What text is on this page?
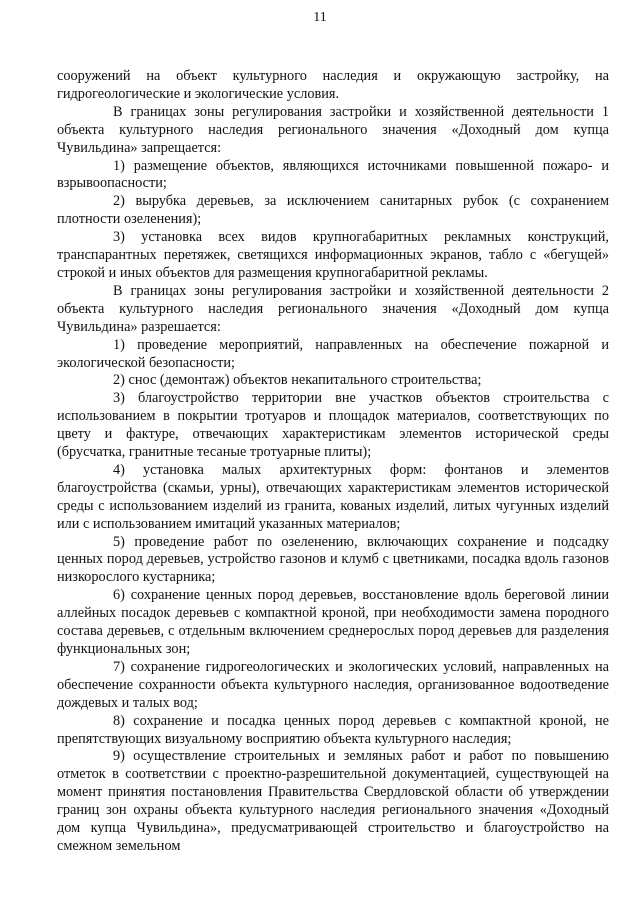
11

сооружений на объект культурного наследия и окружающую застройку, на гидрогеологические и экологические условия.

В границах зоны регулирования застройки и хозяйственной деятельности 1 объекта культурного наследия регионального значения «Доходный дом купца Чувильдина» запрещается:

1) размещение объектов, являющихся источниками повышенной пожаро- и взрывоопасности;

2) вырубка деревьев, за исключением санитарных рубок (с сохранением плотности озеленения);

3) установка всех видов крупногабаритных рекламных конструкций, транспарантных перетяжек, светящихся информационных экранов, табло с «бегущей» строкой и иных объектов для размещения крупногабаритной рекламы.

В границах зоны регулирования застройки и хозяйственной деятельности 2 объекта культурного наследия регионального значения «Доходный дом купца Чувильдина» разрешается:

1) проведение мероприятий, направленных на обеспечение пожарной и экологической безопасности;

2) снос (демонтаж) объектов некапитального строительства;

3) благоустройство территории вне участков объектов строительства с использованием в покрытии тротуаров и площадок материалов, соответствующих по цвету и фактуре, отвечающих характеристикам элементов исторической среды (брусчатка, гранитные тесаные тротуарные плиты);

4) установка малых архитектурных форм: фонтанов и элементов благоустройства (скамьи, урны), отвечающих характеристикам элементов исторической среды с использованием изделий из гранита, кованых изделий, литых чугунных изделий или с использованием имитаций указанных материалов;

5) проведение работ по озеленению, включающих сохранение и подсадку ценных пород деревьев, устройство газонов и клумб с цветниками, посадка вдоль газонов низкорослого кустарника;

6) сохранение ценных пород деревьев, восстановление вдоль береговой линии аллейных посадок деревьев с компактной кроной, при необходимости замена породного состава деревьев, с отдельным включением среднерослых пород деревьев для разделения функциональных зон;

7) сохранение гидрогеологических и экологических условий, направленных на обеспечение сохранности объекта культурного наследия, организованное водоотведение дождевых и талых вод;

8) сохранение и посадка ценных пород деревьев с компактной кроной, не препятствующих визуальному восприятию объекта культурного наследия;

9) осуществление строительных и земляных работ и работ по повышению отметок в соответствии с проектно-разрешительной документацией, существующей на момент принятия постановления Правительства Свердловской области об утверждении границ зон охраны объекта культурного наследия регионального значения «Доходный дом купца Чувильдина», предусматривающей строительство и благоустройство на смежном земельном
